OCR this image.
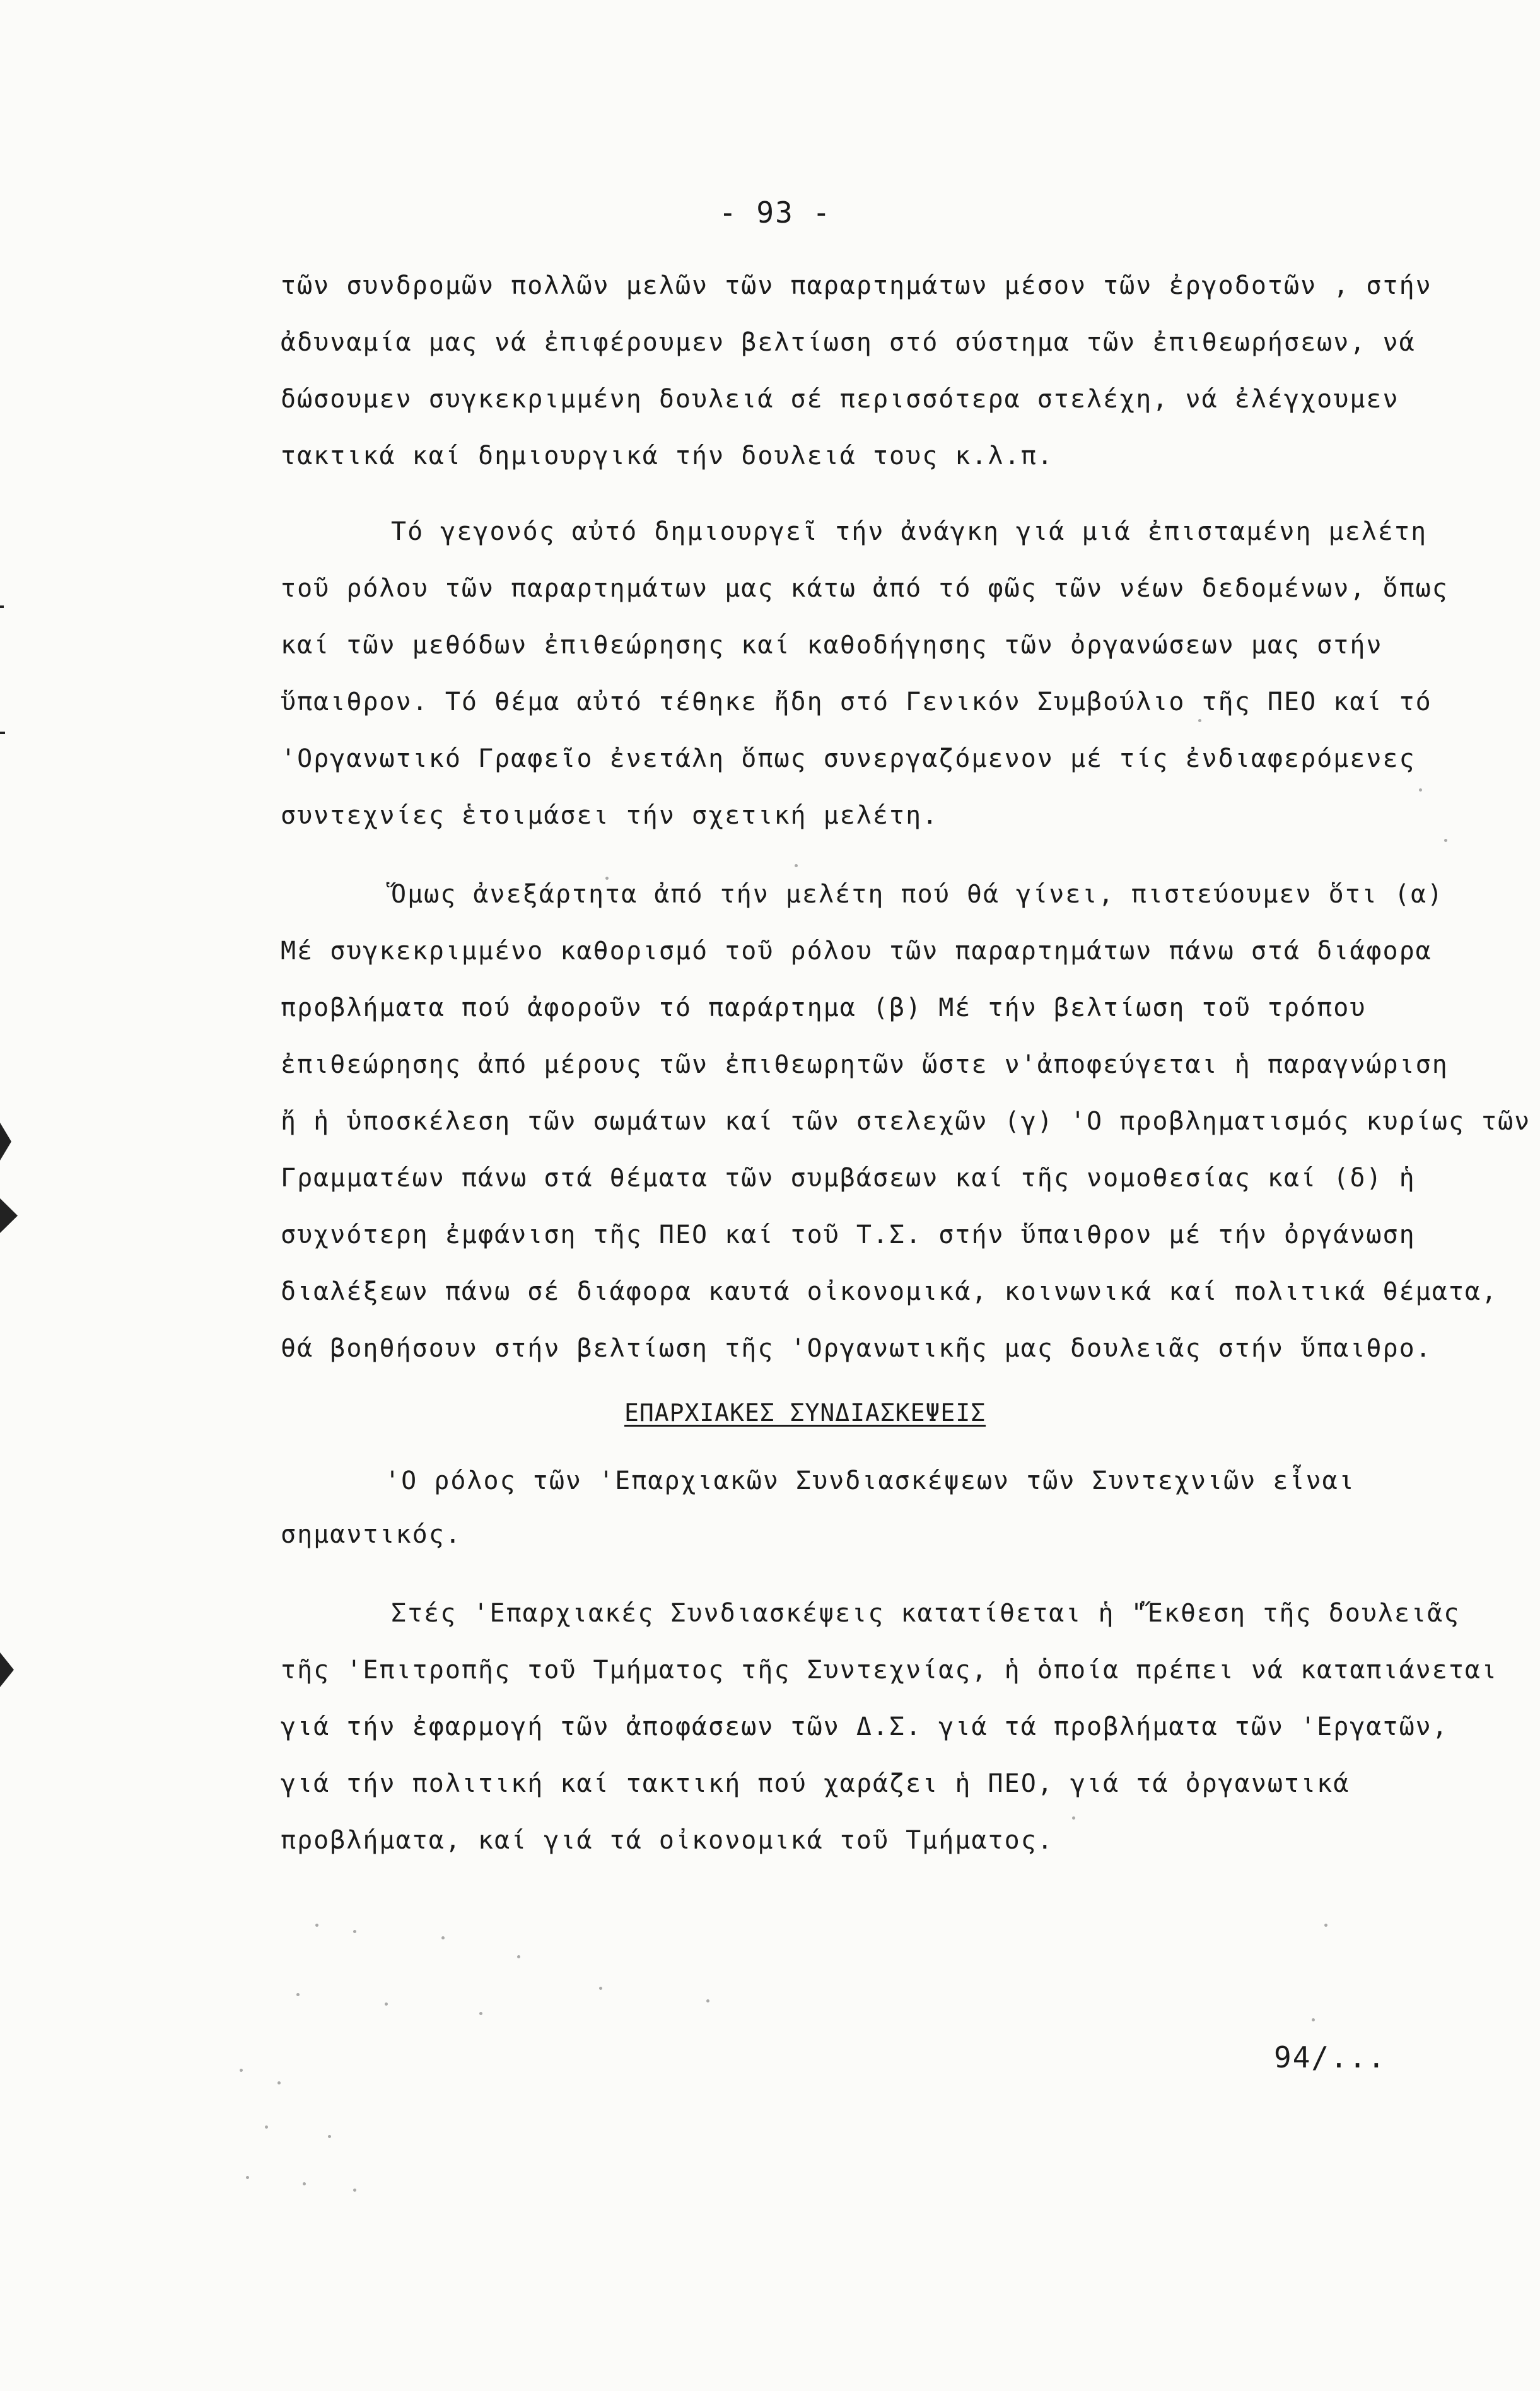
- 93 -
τῶν συνδρομῶν πολλῶν μελῶν τῶν παραρτημάτων μέσον τῶν ἐργοδοτῶν , στήν
ἀδυναμία μας νά ἐπιφέρουμεν βελτίωση στό σύστημα τῶν ἐπιθεωρήσεων, νά
δώσουμεν συγκεκριμμένη δουλειά σέ περισσότερα στελέχη, νά ἐλέγχουμεν
τακτικά καί δημιουργικά τήν δουλειά τους κ.λ.π.
Τό γεγονός αὐτό δημιουργεῖ τήν ἀνάγκη γιά μιά ἐπισταμένη μελέτη
τοῦ ρόλου τῶν παραρτημάτων μας κάτω ἀπό τό φῶς τῶν νέων δεδομένων, ὅπως
καί τῶν μεθόδων ἐπιθεώρησης καί καθοδήγησης τῶν ὀργανώσεων μας στήν
ὕπαιθρον. Τό θέμα αὐτό τέθηκε ἤδη στό Γενικόν Συμβούλιο τῆς ΠΕΟ καί τό
'Οργανωτικό Γραφεῖο ἐνετάλη ὅπως συνεργαζόμενον μέ τίς ἐνδιαφερόμενες
συντεχνίες ἑτοιμάσει τήν σχετική μελέτη.
Ὅμως ἀνεξάρτητα ἀπό τήν μελέτη πού θά γίνει, πιστεύουμεν ὅτι (α)
Μέ συγκεκριμμένο καθορισμό τοῦ ρόλου τῶν παραρτημάτων πάνω στά διάφορα
προβλήματα πού ἀφοροῦν τό παράρτημα (β) Μέ τήν βελτίωση τοῦ τρόπου
ἐπιθεώρησης ἀπό μέρους τῶν ἐπιθεωρητῶν ὥστε ν'ἀποφεύγεται ἡ παραγνώριση
ἤ ἡ ὑποσκέλεση τῶν σωμάτων καί τῶν στελεχῶν (γ) 'Ο προβληματισμός κυρίως τῶν
Γραμματέων πάνω στά θέματα τῶν συμβάσεων καί τῆς νομοθεσίας καί (δ) ἡ
συχνότερη ἐμφάνιση τῆς ΠΕΟ καί τοῦ Τ.Σ. στήν ὕπαιθρον μέ τήν ὀργάνωση
διαλέξεων πάνω σέ διάφορα καυτά οἰκονομικά, κοινωνικά καί πολιτικά θέματα,
θά βοηθήσουν στήν βελτίωση τῆς 'Οργανωτικῆς μας δουλειᾶς στήν ὕπαιθρο.
ΕΠΑΡΧΙΑΚΕΣ ΣΥΝΔΙΑΣΚΕΨΕΙΣ
'Ο ρόλος τῶν 'Επαρχιακῶν Συνδιασκέψεων τῶν Συντεχνιῶν εἶναι
σημαντικός.
Στές 'Επαρχιακές Συνδιασκέψεις κατατίθεται ἡ "Ἔκθεση τῆς δουλειᾶς
τῆς 'Επιτροπῆς τοῦ Τμήματος τῆς Συντεχνίας, ἡ ὁποία πρέπει νά καταπιάνεται
γιά τήν ἐφαρμογή τῶν ἀποφάσεων τῶν Δ.Σ. γιά τά προβλήματα τῶν 'Εργατῶν,
γιά τήν πολιτική καί τακτική πού χαράζει ἡ ΠΕΟ, γιά τά ὀργανωτικά
προβλήματα, καί γιά τά οἰκονομικά τοῦ Τμήματος.
94/...
